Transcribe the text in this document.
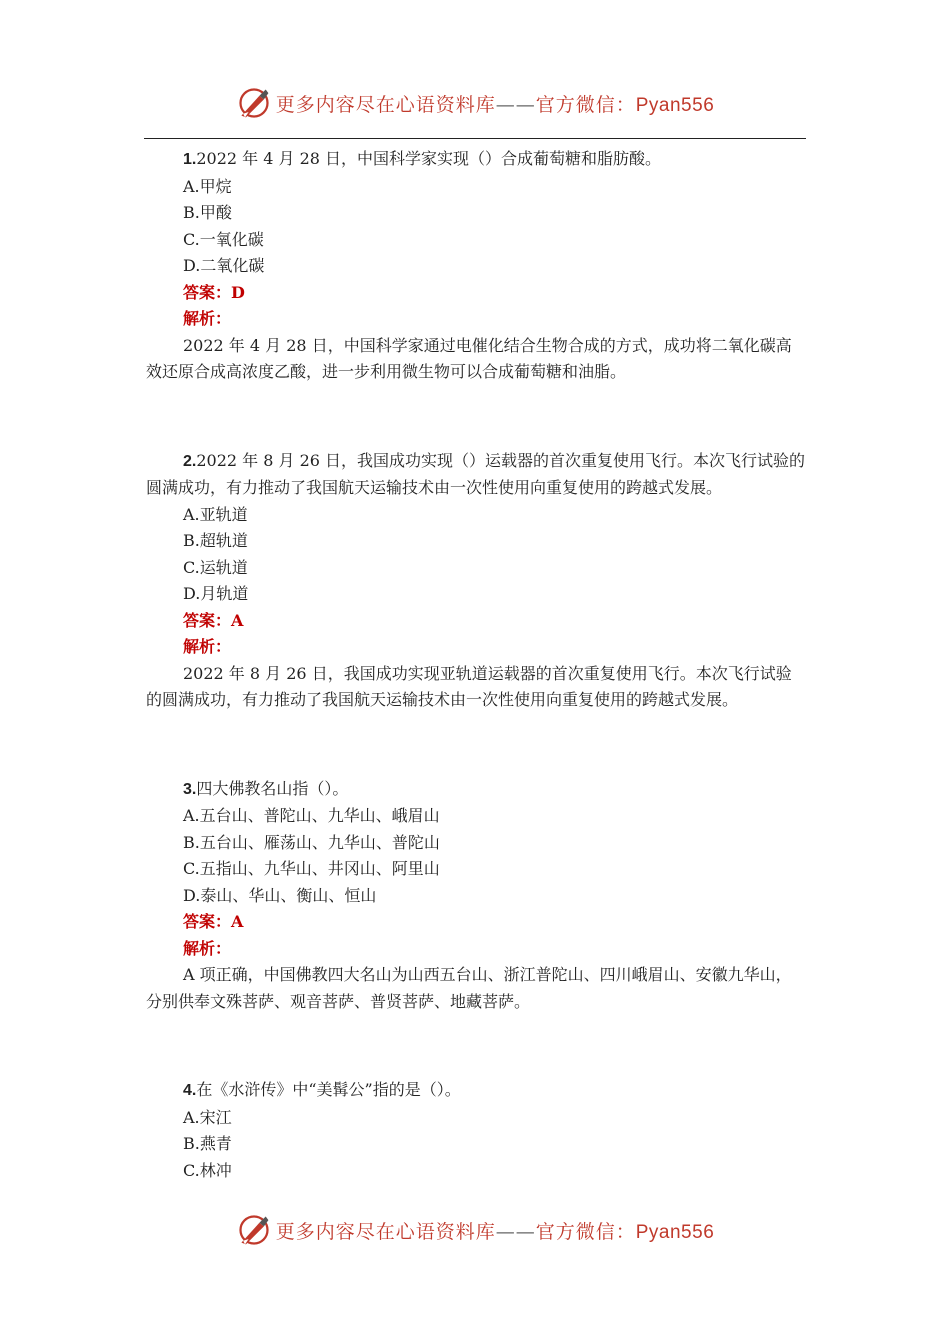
更多内容尽在心语资料库——官方微信：Pyan556

1.2022 年 4 月 28 日，中国科学家实现（）合成葡萄糖和脂肪酸。

A.甲烷

B.甲酸

C.一氧化碳

D.二氧化碳

答案：D

解析：

2022 年 4 月 28 日，中国科学家通过电催化结合生物合成的方式，成功将二氧化碳高效还原合成高浓度乙酸，进一步利用微生物可以合成葡萄糖和油脂。

2.2022 年 8 月 26 日，我国成功实现（）运载器的首次重复使用飞行。本次飞行试验的圆满成功，有力推动了我国航天运输技术由一次性使用向重复使用的跨越式发展。

A.亚轨道

B.超轨道

C.运轨道

D.月轨道

答案：A

解析：

2022 年 8 月 26 日，我国成功实现亚轨道运载器的首次重复使用飞行。本次飞行试验的圆满成功，有力推动了我国航天运输技术由一次性使用向重复使用的跨越式发展。

3.四大佛教名山指（）。

A.五台山、普陀山、九华山、峨眉山

B.五台山、雁荡山、九华山、普陀山

C.五指山、九华山、井冈山、阿里山

D.泰山、华山、衡山、恒山

答案：A

解析：

A 项正确，中国佛教四大名山为山西五台山、浙江普陀山、四川峨眉山、安徽九华山，分别供奉文殊菩萨、观音菩萨、普贤菩萨、地藏菩萨。

4.在《水浒传》中“美髯公”指的是（）。

A.宋江

B.燕青

C.林冲

更多内容尽在心语资料库——官方微信：Pyan556
